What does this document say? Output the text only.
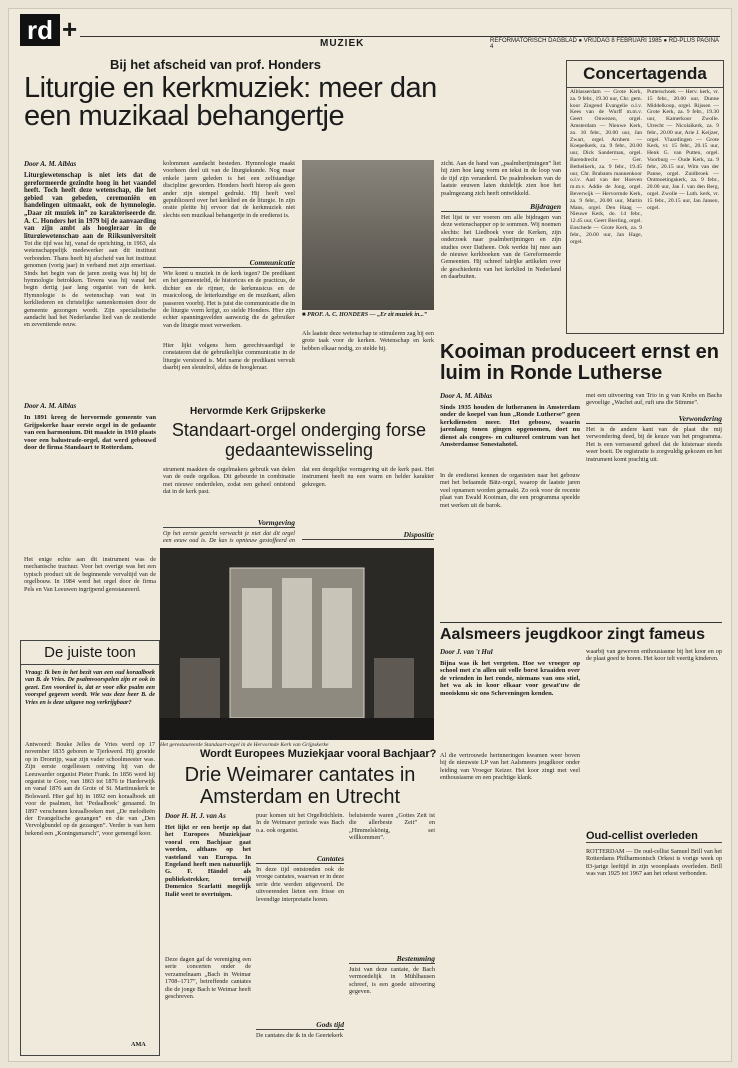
rd +	MUZIEK	REFORMATORISCH DAGBLAD ● VRIJDAG 8 FEBRUARI 1985 ● RD-PLUS PAGINA 4
Bij het afscheid van prof. Honders
Liturgie en kerkmuziek: meer dan een muzikaal behangertje
Door A. M. Alblas
Liturgiewetenschap is niet iets dat de gereformeerde gezindte hoog in het vaandel heeft. Toch heeft deze wetenschap, die het gebied van gebeden, ceremoniën en handelingen uitmaakt, ook de hymnologie. „Daar zit muziek in” zo karakteriseerde dr. A. C. Honders het in 1979 bij de aanvaarding van zijn ambt als hoogleraar in de liturgiewetenschap aan de Rijksuniversiteit
Tot die tijd was hij, vanaf de oprichting, in 1963, als wetenschappelijk medewerker aan dit instituut verbonden. Thans heeft hij afscheid van het instituut genomen (vorig jaar) in verband met zijn emeritaat. Sinds het begin van de jaren zestig was hij bij de hymnologie betrokken. Tevens was hij vanaf het begin dertig jaar lang organist van de kerk. Hymnologie is de wetenschap van wat in kerkliederen en christelijke samenkomsten door de gemeente gezongen wordt. Zijn specialistische aandacht had het Nederlandse lied van de zestiende en zeventiende eeuw.
kolommen aandacht besteden. Hymnologie maakt voorheen deel uit van de liturgiekunde. Nog maar enkele jaren geleden is het een zelfstandige discipline geworden. Honders heeft hierop als geen ander zijn stempel gedrukt. Hij heeft veel gepubliceerd over het kerklied en de liturgie. In zijn oratie pleitte hij ervoor dat de kerkmuziek niet slechts een muzikaal behangertje in de eredienst is.
Communicatie
Wie komt u muziek in de kerk tegen? De predikant en het gemeentelid, de historicus en de practicus, de dichter en de rijmer, de kerkmusicus en de musicoloog, de letterkundige en de muzikant, allen passeren voorbij. Het is juist die communicatie die in de liturgie vorm krijgt, zo stelde Honders. Hier zijn echter spanningsvelden aanwezig die de gebruiker van de liturgie moet verwerken.
■ PROF. A. C. HONDERS — „Er zit muziek in...”
Hier lijkt volgens hem gerechtvaardigd te constateren dat de gebruikelijke communicatie in de liturgie verstoord is. Met name de predikant vervult daarbij een sleutelrol, aldus de hoogleraar.
Als laatste deze wetenschap te stimuleren zag hij een grote taak voor de kerken. Wetenschap en kerk hebben elkaar nodig, zo stelde hij.
zicht. Aan de hand van „psalmberijmingen” liet hij zien hoe lang vorm en tekst in de loop van de tijd zijn veranderd. De psalmboeken van de laatste eeuwen laten duidelijk zien hoe het psalmgezang zich heeft ontwikkeld.
Bijdragen
Het lijst te ver voeren om alle bijdragen van deze wetenschapper op te sommen. Wij noemen slechts: het Liedboek voor de Kerken, zijn onderzoek naar psalmberijmingen en zijn studies over Datheen. Ook werkte hij mee aan de nieuwe kerkboeken van de Gereformeerde Gemeenten. Hij schreef talrijke artikelen over de geschiedenis van het kerklied in Nederland en daarbuiten.
Concertagenda
Alblasserdam — Grote Kerk, za. 9 febr., 19.30 uur, Chr. gem. koor Zingend Evangelie o.l.v. Kees van de Wurff m.m.v. Geert Onwezen, orgel. Amsterdam — Nieuwe Kerk, zo. 10 febr., 20.00 uur, Jan Zwart, orgel. Arnhem — Koepelkerk, za. 9 febr., 20.00 uur, Dick Sanderman, orgel. Barendrecht — Ger. Bethelkerk, za. 9 febr., 19.45 uur, Chr. Brabants mannenkoor o.l.v. Aad van der Hoeven m.m.v. Addie de Jong, orgel. Beverwijk — Hervormde Kerk, za. 9 febr., 20.00 uur, Martin Mans, orgel. Den Haag — Nieuwe Kerk, do. 14 febr., 12.45 uur, Geert Bierling, orgel. Enschede — Grote Kerk, za. 9 febr., 20.00 uur, Jan Hage, orgel.
Putterschoek — Herv. kerk, vr. 15 febr., 20.00 uur, Dunne Middelkoop, orgel. Rijssen — Grote Kerk, za. 9 febr., 19.30 uur, Kamerkoor Zwolle. Utrecht — Nicolaïkerk, za. 9 febr., 20.00 uur, Arie J. Keijzer, orgel. Vlaardingen — Grote Kerk, vr. 15 febr., 20.15 uur, Henk G. van Putten, orgel. Voorburg — Oude Kerk, za. 9 febr., 20.15 uur, Wim van der Panne, orgel. Zuidbroek — Ontmoetingskerk, za. 9 febr., 20.00 uur, Jan J. van den Berg, orgel. Zwolle — Luth. kerk, vr. 15 febr., 20.15 uur, Jan Jansen, orgel.
Kooiman produceert ernst en luim in Ronde Lutherse
Door A. M. Alblas
Sinds 1935 houden de lutheranen in Amsterdam onder de koepel van hun „Ronde Lutherse” geen kerkdiensten meer. Het gebouw, waarin jarenlang tonen gingen opgenomen, doet nu dienst als congres- en cultureel centrum van het Amsterdamse Sonestahotel.
In de eredienst kennen de organisten naar het gebouw met het befaamde Bätz-orgel, waarop de laatste jaren veel opnamen worden gemaakt. Zo ook voor de recente plaat van Ewald Kooiman, die een programma speelde met werken uit de barok.
met een uitvoering van Trio in g van Krebs en Bachs gevoelige „Wachet auf, ruft uns die Stimme”.
Verwondering
Het is de andere kant van de plaat die mij verwondering deed, bij de keuze van het programma. Het is een verrassend geheel dat de luisteraar steeds weer boeit. De registratie is zorgvuldig gekozen en het instrument komt prachtig uit.
Aalsmeers jeugdkoor zingt fameus
Door J. van 't Hul
Bijna was ik het vergeten. Hoe we vroeger op school met z'n allen uit volle borst kraaiden over de vrienden in het ronde, niemans van ons stiel, het wa ak in koor elkaar voor gewat'uw de mooiskmu sic ons Scheveningen kenden.
Al die vertrouwde herinneringen kwamen weer boven bij de nieuwste LP van het Aalsmeers jeugdkoor onder leiding van Vroeger Keizer. Het koor zingt met veel enthousiasme en een prachtige klank.
waarbij van geweven enthousiasme bij het koor en op de plaat goed te horen. Het koor telt veertig kinderen.
Oud-cellist overleden
ROTTERDAM — De oud-cellist Samuel Brill van het Rotterdams Philharmonisch Orkest is vorige week op 83-jarige leeftijd in zijn woonplaats overleden. Brill was van 1925 tot 1967 aan het orkest verbonden.
Door A. M. Alblas
In 1891 kreeg de hervormde gemeente van Grijpskerke haar eerste orgel in de gedaante van een harmonium. Dit maakte in 1910 plaats voor een balustrade-orgel, dat werd gebouwd door de firma Standaart te Rotterdam.
Het enige echte aan dit instrument was de mechanische tractuur. Voor het overige was het een typisch product uit de beginnende vervaltijd van de orgelbouw. In 1984 werd het orgel door de firma Pels en Van Leeuwen ingrijpend gerestaureerd.
Hervormde Kerk Grijpskerke
Standaart-orgel onderging forse gedaantewisseling
strument maakten de orgelmakers gebruik van delen van de oude orgelkas. Dit gebeurde in combinatie met nieuwe onderdelen, zodat een geheel ontstond dat in de kerk past.
dat een dergelijke vormgeving uit de kerk past. Het instrument heeft nu een warm en helder karakter gekregen.
Vormgeving
Op het eerste gezicht verwacht je niet dat dit orgel een eeuw oud is. De kas is opnieuw gestoffeerd en
Het gerestaureerde Standaart-orgel in de Hervormde Kerk van Grijpskerke
De juiste toon
Vraag: Ik ben in het bezit van een oud koraalboek van B. de Vries. De psalmvoorspelen zijn er ook in gezet. Een voordeel is, dat er voor elke psalm een voorspel gegeven wordt. Wie was deze heer B. de Vries en is deze uitgave nog verkrijgbaar?
Antwoord: Bouke Jelles de Vries werd op 17 november 1835 geboren te Tjerkwerd. Hij groeide op in Dronrijp, waar zijn vader schoolmeester was. Zijn eerste orgellessen ontving hij van de Leeuwarder organist Pieter Frank. In 1856 werd hij organist te Goor, van 1863 tot 1876 te Harderwijk en vanaf 1876 aan de Grote of St. Martinuskerk te Bolsward. Hier gaf hij in 1892 een koraalboek uit voor de psalmen, het ‘Pedaalboek’ genaamd. In 1897 verschenen koraalboeken met „De melodieën der Evangelische gezangen” en die van „Den Vervolgbundel op de gezangen”. Verder is van hem bekend een „Koningsmarsch”, voor gemengd koor.
AMA
Wordt Europees Muziekjaar vooral Bachjaar?
Drie Weimarer cantates in Amsterdam en Utrecht
Door H. H. J. van As
Het lijkt er een beetje op dat het Europees Muziekjaar vooral een Bachjaar gaat worden, althans op het vasteland van Europa. In Engeland heeft men natuurlijk G. F. Händel als publiekstrekker, terwijl Domenico Scarlatti mogelijk Italië weet te overtuigen.
Deze dagen gaf de vereniging een serie concerten onder de verzamelnaam „Bach in Weimar 1708–1717”, betreffende cantates die de jonge Bach te Weimar heeft geschreven.
puur komen uit het Orgelbüchlein. In de Weimarer periode was Bach o.a. ook organist.
Cantates
In deze tijd ontstonden ook de vroege cantates, waarvan er in deze serie drie werden uitgevoerd. De uitvoerenden lieten een frisse en levendige interpretatie horen.
Gods tijd
De cantates die ik in de Geertekerk
beluisterde waren „Gottes Zeit ist die allerbeste Zeit” en „Himmelskönig, sei willkommen”.
Bestemming
Juist van deze cantate, de Bach vermoedelijk in Mühlhausen schreef, is een goede uitvoering gegeven.
Dispositie
